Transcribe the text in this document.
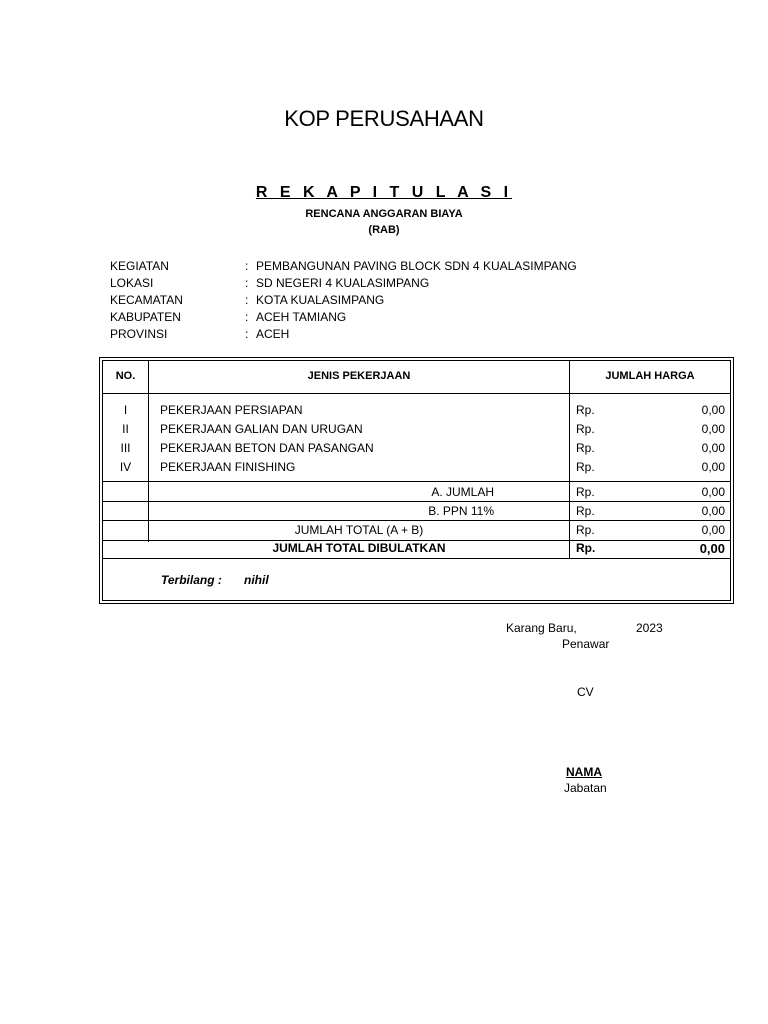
KOP PERUSAHAAN
R E K A P I T U L A S I
RENCANA ANGGARAN BIAYA
(RAB)
KEGIATAN	: PEMBANGUNAN PAVING BLOCK SDN 4 KUALASIMPANG
LOKASI	: SD NEGERI 4 KUALASIMPANG
KECAMATAN	: KOTA KUALASIMPANG
KABUPATEN	: ACEH TAMIANG
PROVINSI	: ACEH
NO.	JENIS PEKERJAAN	JUMLAH HARGA
I	PEKERJAAN PERSIAPAN	Rp.	0,00
II	PEKERJAAN GALIAN DAN URUGAN	Rp.	0,00
III	PEKERJAAN BETON DAN PASANGAN	Rp.	0,00
IV	PEKERJAAN FINISHING	Rp.	0,00
A. JUMLAH	Rp.	0,00
B. PPN 11%	Rp.	0,00
JUMLAH TOTAL (A + B)	Rp.	0,00
JUMLAH TOTAL DIBULATKAN	Rp.	0,00
Terbilang : nihil
Karang Baru,	2023
Penawar
CV
NAMA
Jabatan
